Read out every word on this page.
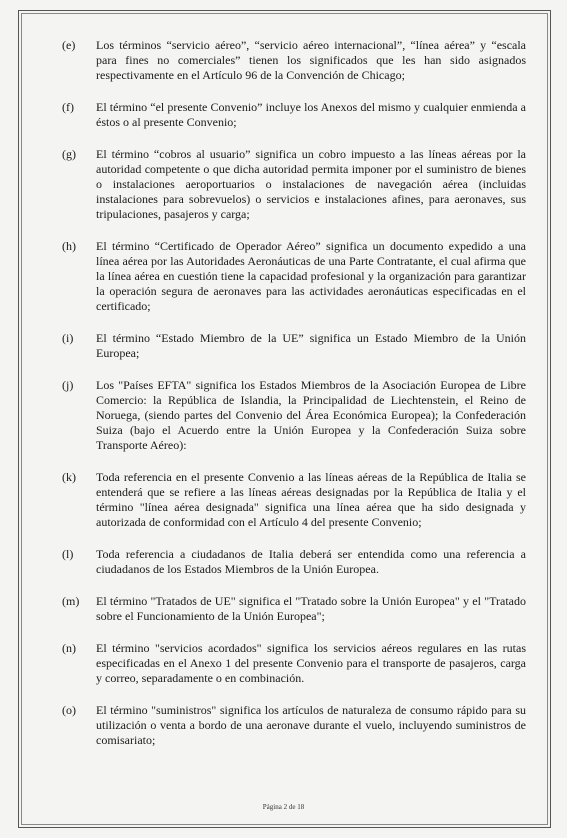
(e) Los términos “servicio aéreo”, “servicio aéreo internacional”, “línea aérea” y “escala para fines no comerciales” tienen los significados que les han sido asignados respectivamente en el Artículo 96 de la Convención de Chicago;
(f) El término “el presente Convenio” incluye los Anexos del mismo y cualquier enmienda a éstos o al presente Convenio;
(g) El término “cobros al usuario” significa un cobro impuesto a las líneas aéreas por la autoridad competente o que dicha autoridad permita imponer por el suministro de bienes o instalaciones aeroportuarios o instalaciones de navegación aérea (incluidas instalaciones para sobrevuelos) o servicios e instalaciones afines, para aeronaves, sus tripulaciones, pasajeros y carga;
(h) El término “Certificado de Operador Aéreo” significa un documento expedido a una línea aérea por las Autoridades Aeronáuticas de una Parte Contratante, el cual afirma que la línea aérea en cuestión tiene la capacidad profesional y la organización para garantizar la operación segura de aeronaves para las actividades aeronáuticas especificadas en el certificado;
(i) El término “Estado Miembro de la UE” significa un Estado Miembro de la Unión Europea;
(j) Los "Países EFTA" significa los Estados Miembros de la Asociación Europea de Libre Comercio: la República de Islandia, la Principalidad de Liechtenstein, el Reino de Noruega, (siendo partes del Convenio del Área Económica Europea); la Confederación Suiza (bajo el Acuerdo entre la Unión Europea y la Confederación Suiza sobre Transporte Aéreo):
(k) Toda referencia en el presente Convenio a las líneas aéreas de la República de Italia se entenderá que se refiere a las líneas aéreas designadas por la República de Italia y el término "línea aérea designada" significa una línea aérea que ha sido designada y autorizada de conformidad con el Artículo 4 del presente Convenio;
(l) Toda referencia a ciudadanos de Italia deberá ser entendida como una referencia a ciudadanos de los Estados Miembros de la Unión Europea.
(m) El término "Tratados de UE" significa el "Tratado sobre la Unión Europea" y el "Tratado sobre el Funcionamiento de la Unión Europea";
(n) El término "servicios acordados" significa los servicios aéreos regulares en las rutas especificadas en el Anexo 1 del presente Convenio para el transporte de pasajeros, carga y correo, separadamente o en combinación.
(o) El término "suministros" significa los artículos de naturaleza de consumo rápido para su utilización o venta a bordo de una aeronave durante el vuelo, incluyendo suministros de comisariato;
Página 2 de 18
